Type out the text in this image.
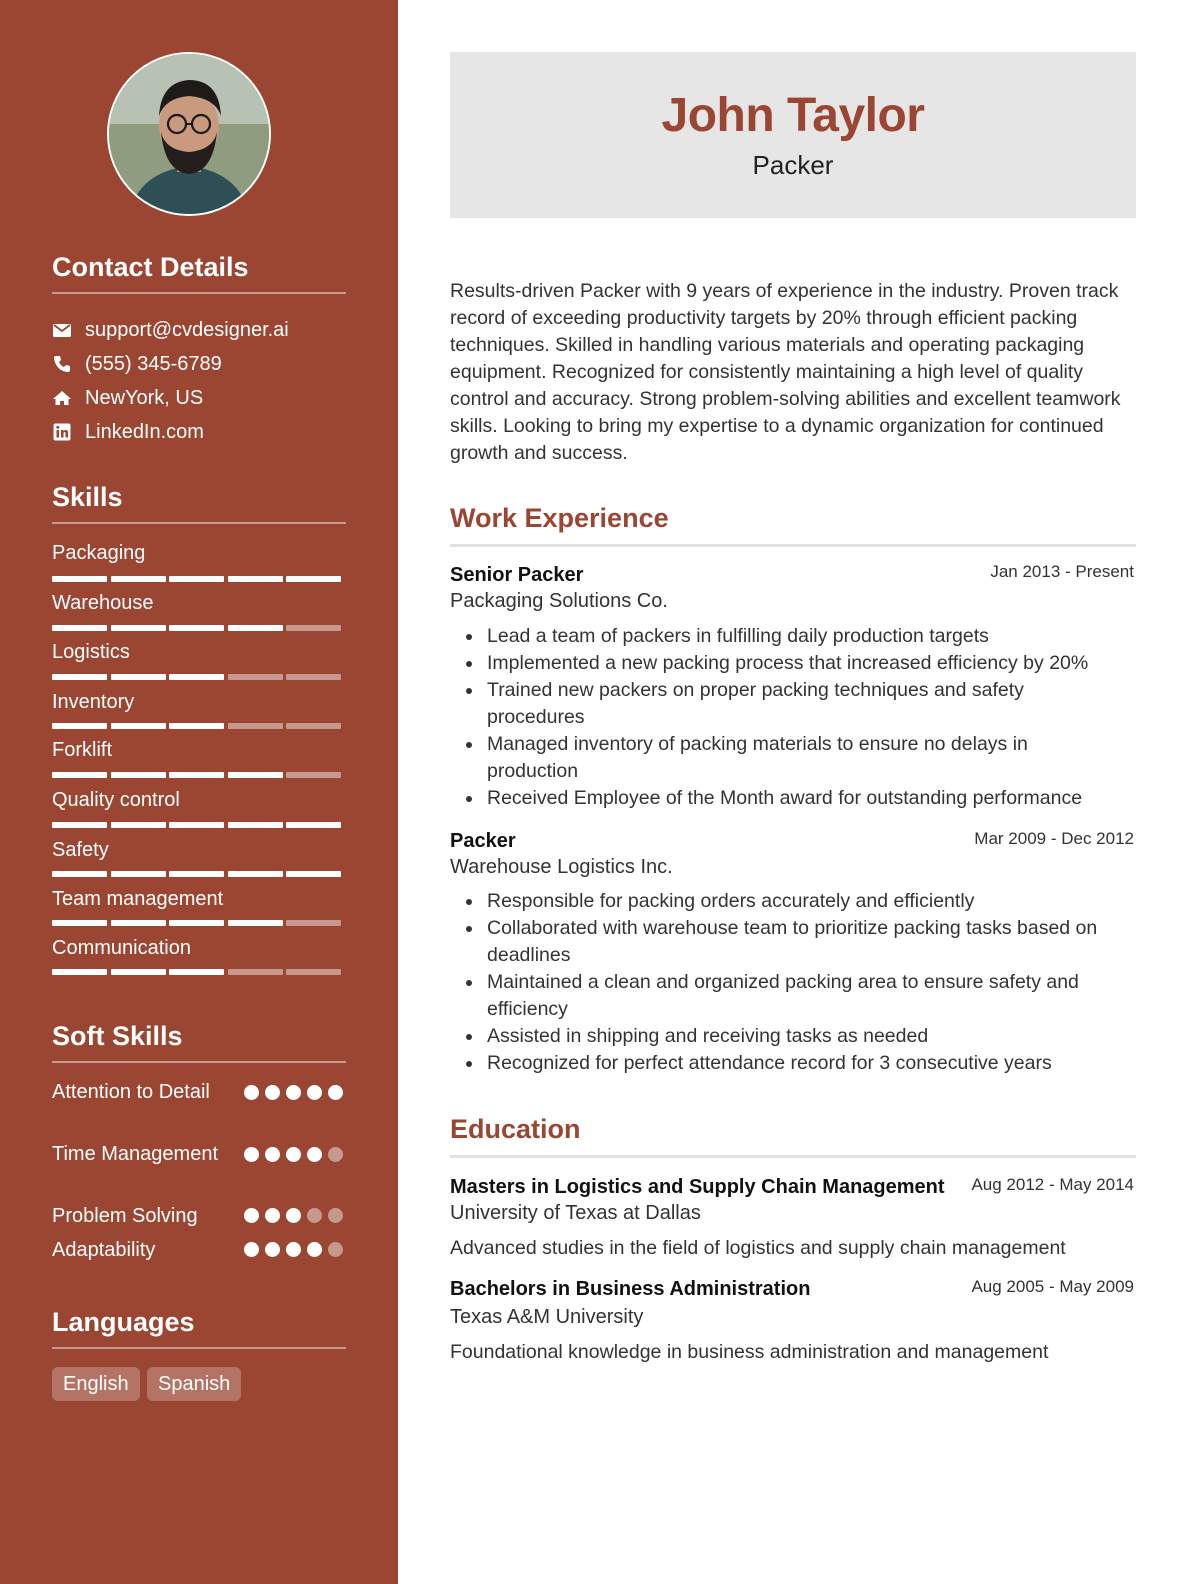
Contact Details
support@cvdesigner.ai
(555) 345-6789
NewYork, US
LinkedIn.com
Skills
Packaging
Warehouse
Logistics
Inventory
Forklift
Quality control
Safety
Team management
Communication
Soft Skills
Attention to Detail
Time Management
Problem Solving
Adaptability
Languages
English	Spanish
John Taylor
Packer

Results-driven Packer with 9 years of experience in the industry. Proven track record of exceeding productivity targets by 20% through efficient packing techniques. Skilled in handling various materials and operating packaging equipment. Recognized for consistently maintaining a high level of quality control and accuracy. Strong problem-solving abilities and excellent teamwork skills. Looking to bring my expertise to a dynamic organization for continued growth and success.

Work Experience
Senior Packer	Jan 2013 - Present
Packaging Solutions Co.
Lead a team of packers in fulfilling daily production targets
Implemented a new packing process that increased efficiency by 20%
Trained new packers on proper packing techniques and safety procedures
Managed inventory of packing materials to ensure no delays in production
Received Employee of the Month award for outstanding performance
Packer	Mar 2009 - Dec 2012
Warehouse Logistics Inc.
Responsible for packing orders accurately and efficiently
Collaborated with warehouse team to prioritize packing tasks based on deadlines
Maintained a clean and organized packing area to ensure safety and efficiency
Assisted in shipping and receiving tasks as needed
Recognized for perfect attendance record for 3 consecutive years
Education
Masters in Logistics and Supply Chain Management Aug 2012 - May 2014
University of Texas at Dallas
Advanced studies in the field of logistics and supply chain management
Bachelors in Business Administration	Aug 2005 - May 2009
Texas A&M University
Foundational knowledge in business administration and management
